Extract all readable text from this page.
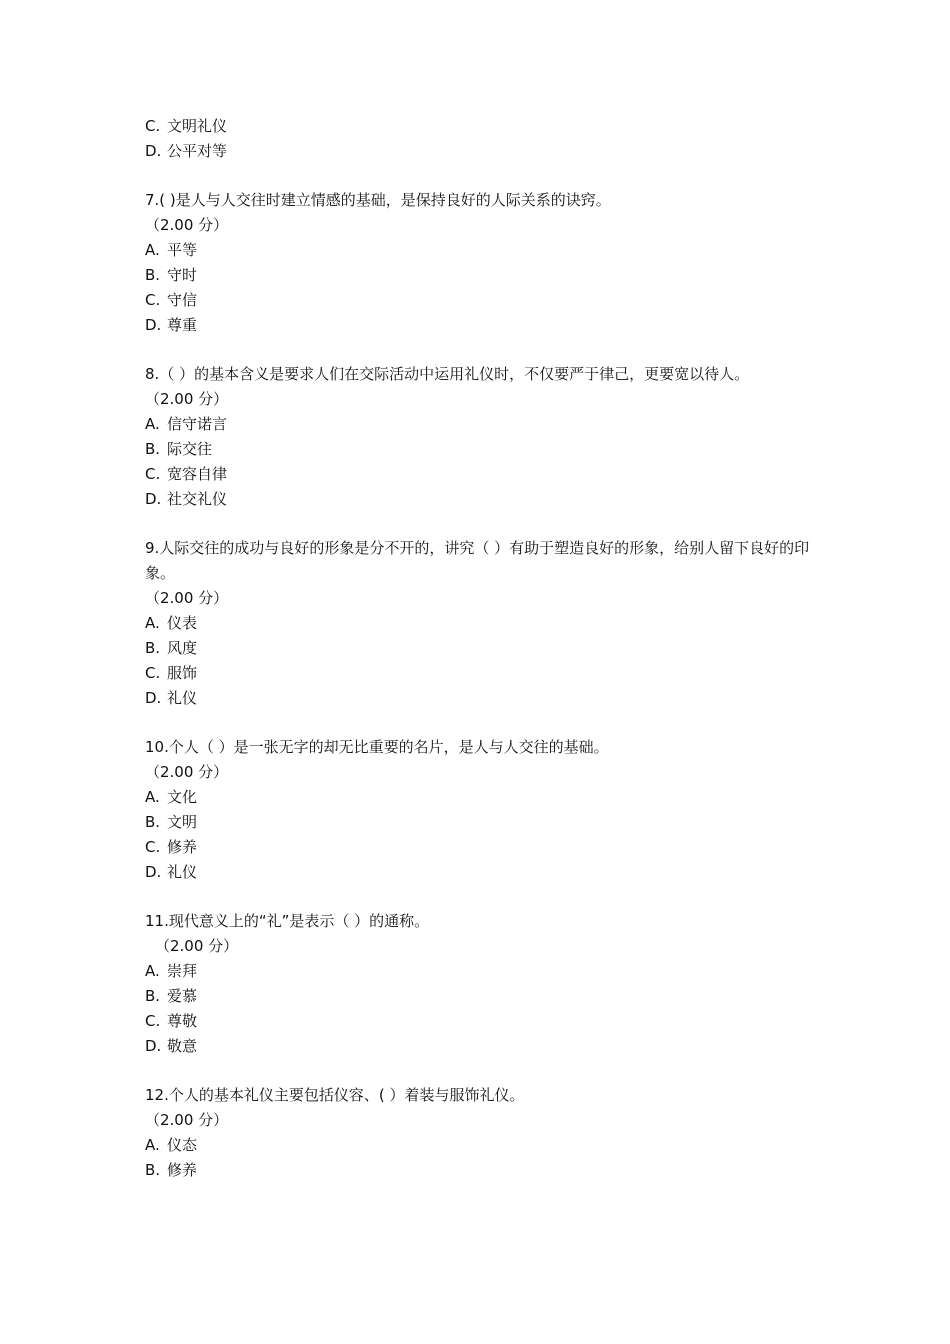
C. 文明礼仪
D. 公平对等
7.( )是人与人交往时建立情感的基础，是保持良好的人际关系的诀窍。
（2.00 分）
A. 平等
B. 守时
C. 守信
D. 尊重
8.（ ）的基本含义是要求人们在交际活动中运用礼仪时，不仅要严于律己，更要宽以待人。
（2.00 分）
A. 信守诺言
B. 际交往
C. 宽容自律
D. 社交礼仪
9.人际交往的成功与良好的形象是分不开的，讲究（ ）有助于塑造良好的形象，给别人留下良好的印象。
（2.00 分）
A. 仪表
B. 风度
C. 服饰
D. 礼仪
10.个人（ ）是一张无字的却无比重要的名片，是人与人交往的基础。
（2.00 分）
A. 文化
B. 文明
C. 修养
D. 礼仪
11.现代意义上的“礼”是表示（ ）的通称。
（2.00 分）
A. 崇拜
B. 爱慕
C. 尊敬
D. 敬意
12.个人的基本礼仪主要包括仪容、( ）着装与服饰礼仪。
（2.00 分）
A. 仪态
B. 修养
